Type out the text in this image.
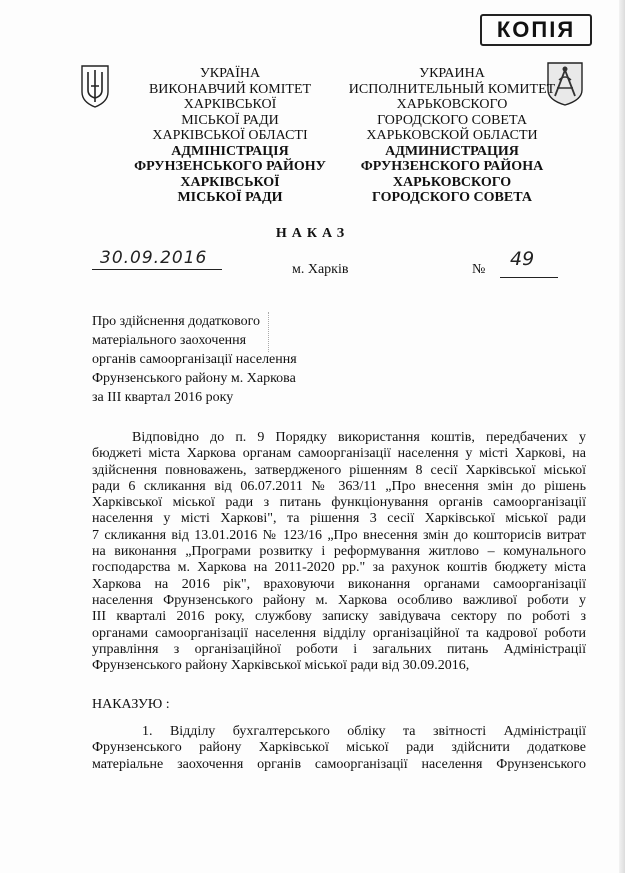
КОПІЯ
УКРАЇНА
ВИКОНАВЧИЙ КОМІТЕТ
ХАРКІВСЬКОЇ
МІСЬКОЇ РАДИ
ХАРКІВСЬКОЇ ОБЛАСТІ
АДМІНІСТРАЦІЯ
ФРУНЗЕНСЬКОГО РАЙОНУ
ХАРКІВСЬКОЇ
МІСЬКОЇ РАДИ
УКРАИНА
ИСПОЛНИТЕЛЬНЫЙ КОМИТЕТ
ХАРЬКОВСКОГО
ГОРОДСКОГО СОВЕТА
ХАРЬКОВСКОЙ ОБЛАСТИ
АДМИНИСТРАЦИЯ
ФРУНЗЕНСКОГО РАЙОНА
ХАРЬКОВСКОГО
ГОРОДСКОГО СОВЕТА
НАКАЗ
30.09.2016
м. Харків	№ 49
Про здійснення додаткового
матеріального заохочення
органів самоорганізації населення
Фрунзенського району м. Харкова
за III квартал 2016 року
Відповідно до п. 9 Порядку використання коштів, передбачених у
бюджеті міста Харкова органам самоорганізації населення у місті Харкові, на
здійснення повноважень, затвердженого рішенням 8 сесії Харківської міської
ради 6 скликання від 06.07.2011 № 363/11 „Про внесення змін до рішень
Харківської міської ради з питань функціонування органів самоорганізації
населення у місті Харкові", та рішення 3 сесії Харківської міської ради
7 скликання від 13.01.2016 № 123/16 „Про внесення змін до кошторисів витрат
на виконання „Програми розвитку і реформування житлово – комунального
господарства м. Харкова на 2011-2020 рр." за рахунок коштів бюджету міста
Харкова на 2016 рік", враховуючи виконання органами самоорганізації
населення Фрунзенського району м. Харкова особливо важливої роботи у
III кварталі 2016 року, службову записку завідувача сектору по роботі з
органами самоорганізації населення відділу організаційної та кадрової роботи
управління з організаційної роботи і загальних питань Адміністрації
Фрунзенського району Харківської міської ради від 30.09.2016,
НАКАЗУЮ :
1. Відділу бухгалтерського обліку та звітності Адміністрації
Фрунзенського району Харківської міської ради здійснити додаткове
матеріальне заохочення органів самоорганізації населення Фрунзенського
